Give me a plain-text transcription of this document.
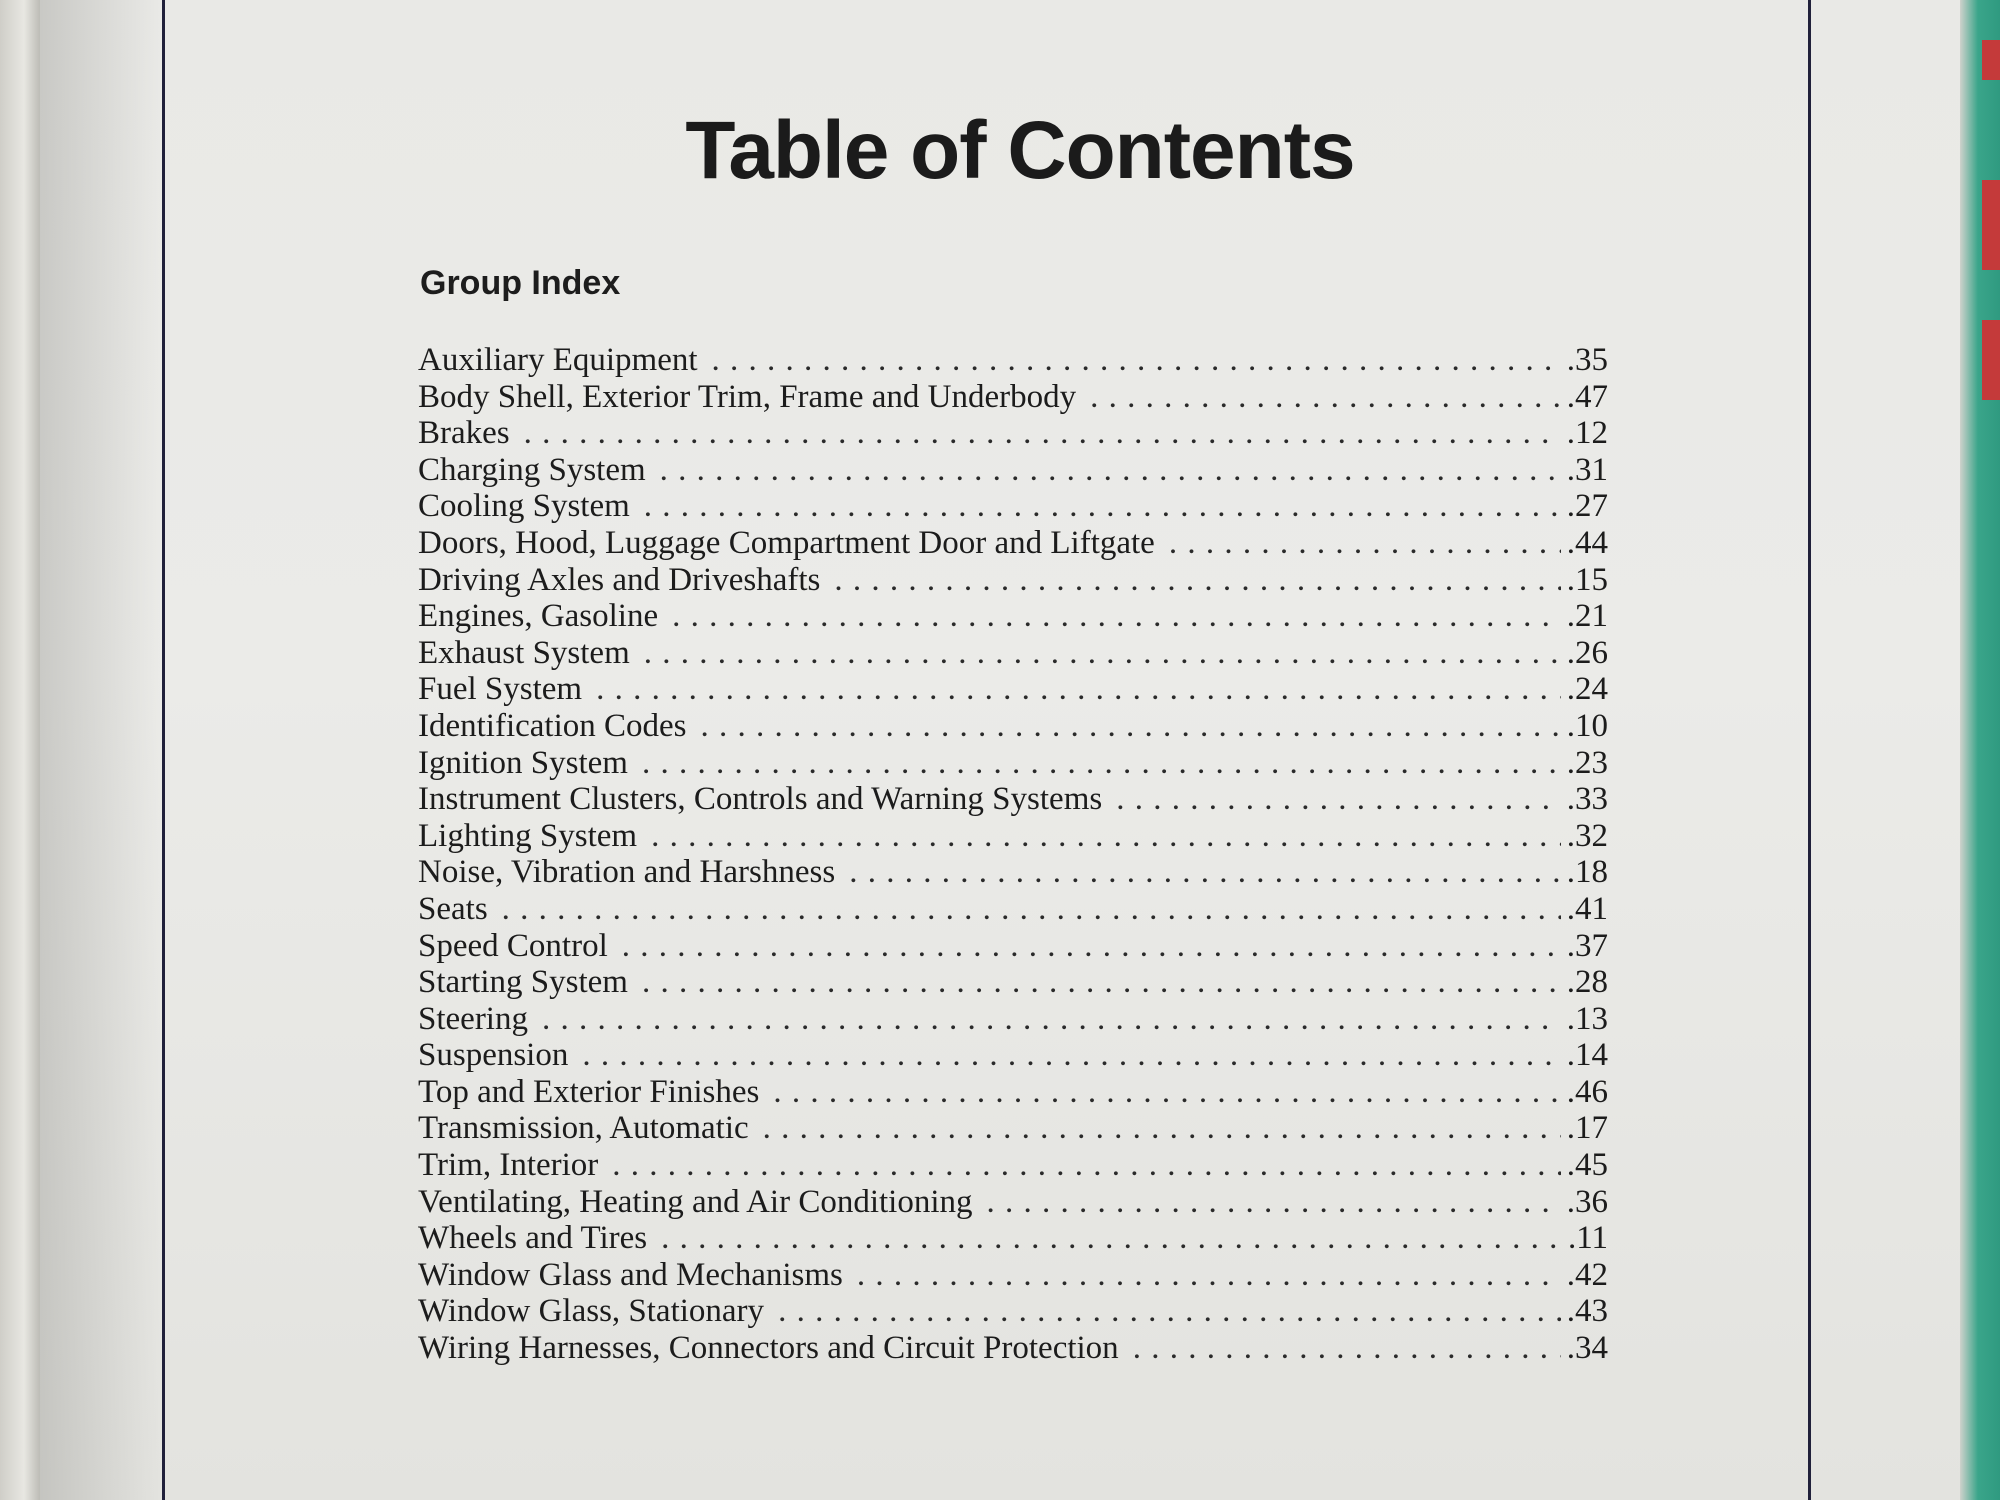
Table of Contents
Group Index
Auxiliary Equipment . . .	.35
Body Shell, Exterior Trim, Frame and Underbody . . .	.47
Brakes . . .	.12
Charging System . . .	.31
Cooling System . . .	.27
Doors, Hood, Luggage Compartment Door and Liftgate . . .	.44
Driving Axles and Driveshafts . . .	.15
Engines, Gasoline . . .	.21
Exhaust System . . .	.26
Fuel System . . .	.24
Identification Codes . . .	.10
Ignition System . . .	.23
Instrument Clusters, Controls and Warning Systems . . .	.33
Lighting System . . .	.32
Noise, Vibration and Harshness . . .	.18
Seats . . .	.41
Speed Control . . .	.37
Starting System . . .	.28
Steering . . .	.13
Suspension . . .	.14
Top and Exterior Finishes . . .	.46
Transmission, Automatic . . .	.17
Trim, Interior . . .	.45
Ventilating, Heating and Air Conditioning . . .	.36
Wheels and Tires . . .	.11
Window Glass and Mechanisms . . .	.42
Window Glass, Stationary . . .	.43
Wiring Harnesses, Connectors and Circuit Protection . . .	.34
